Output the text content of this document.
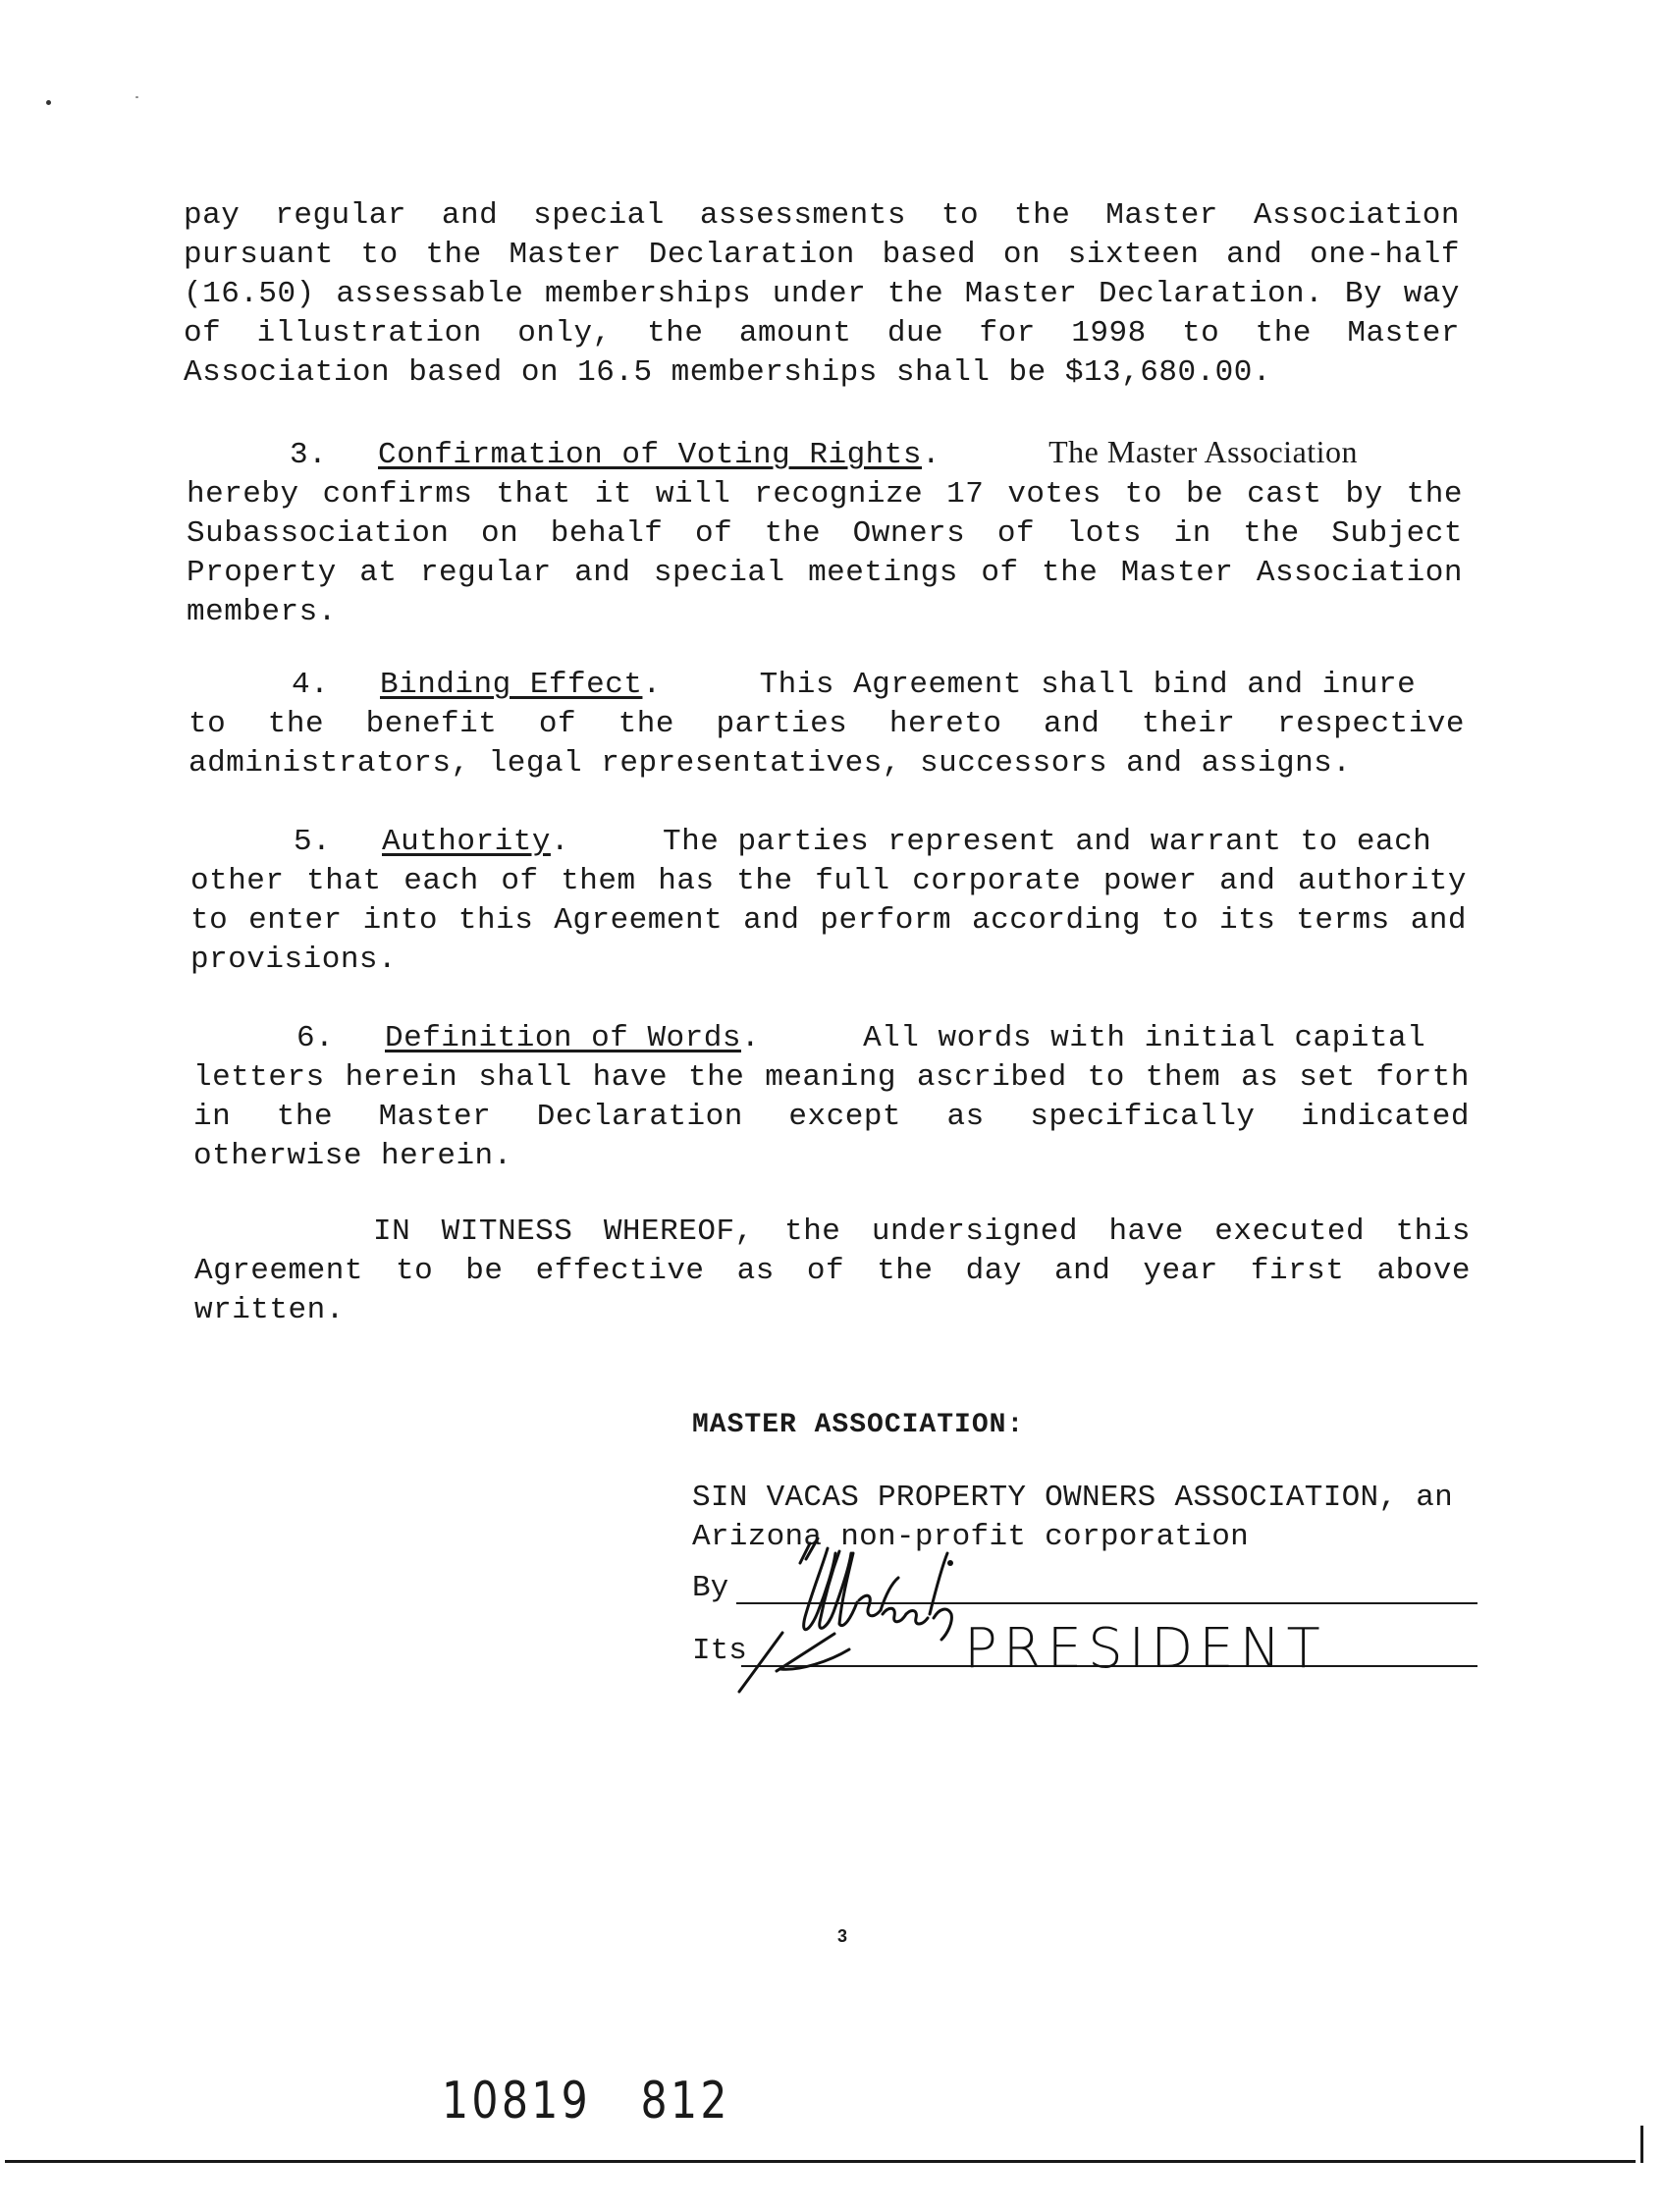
pay regular and special assessments to the Master Association
pursuant to the Master Declaration based on sixteen and one-half
(16.50) assessable memberships under the Master Declaration. By way
of illustration only, the amount due for 1998 to the Master
Association based on 16.5 memberships shall be $13,680.00.
3. Confirmation of Voting Rights.	The Master Association
hereby confirms that it will recognize 17 votes to be cast by the
Subassociation on behalf of the Owners of lots in the Subject
Property at regular and special meetings of the Master Association
members.
4. Binding Effect.	This Agreement shall bind and inure
to the benefit of the parties hereto and their respective
administrators, legal representatives, successors and assigns.
5. Authority.	The parties represent and warrant to each
other that each of them has the full corporate power and authority
to enter into this Agreement and perform according to its terms and
provisions.
6. Definition of Words.	All words with initial capital
letters herein shall have the meaning ascribed to them as set forth
in the Master Declaration except as specifically indicated
otherwise herein.
IN WITNESS WHEREOF, the undersigned have executed this
Agreement to be effective as of the day and year first above
written.
MASTER ASSOCIATION:
SIN VACAS PROPERTY OWNERS ASSOCIATION, an
Arizona non-profit corporation
By
Its	PRESIDENT
3
10819   812
